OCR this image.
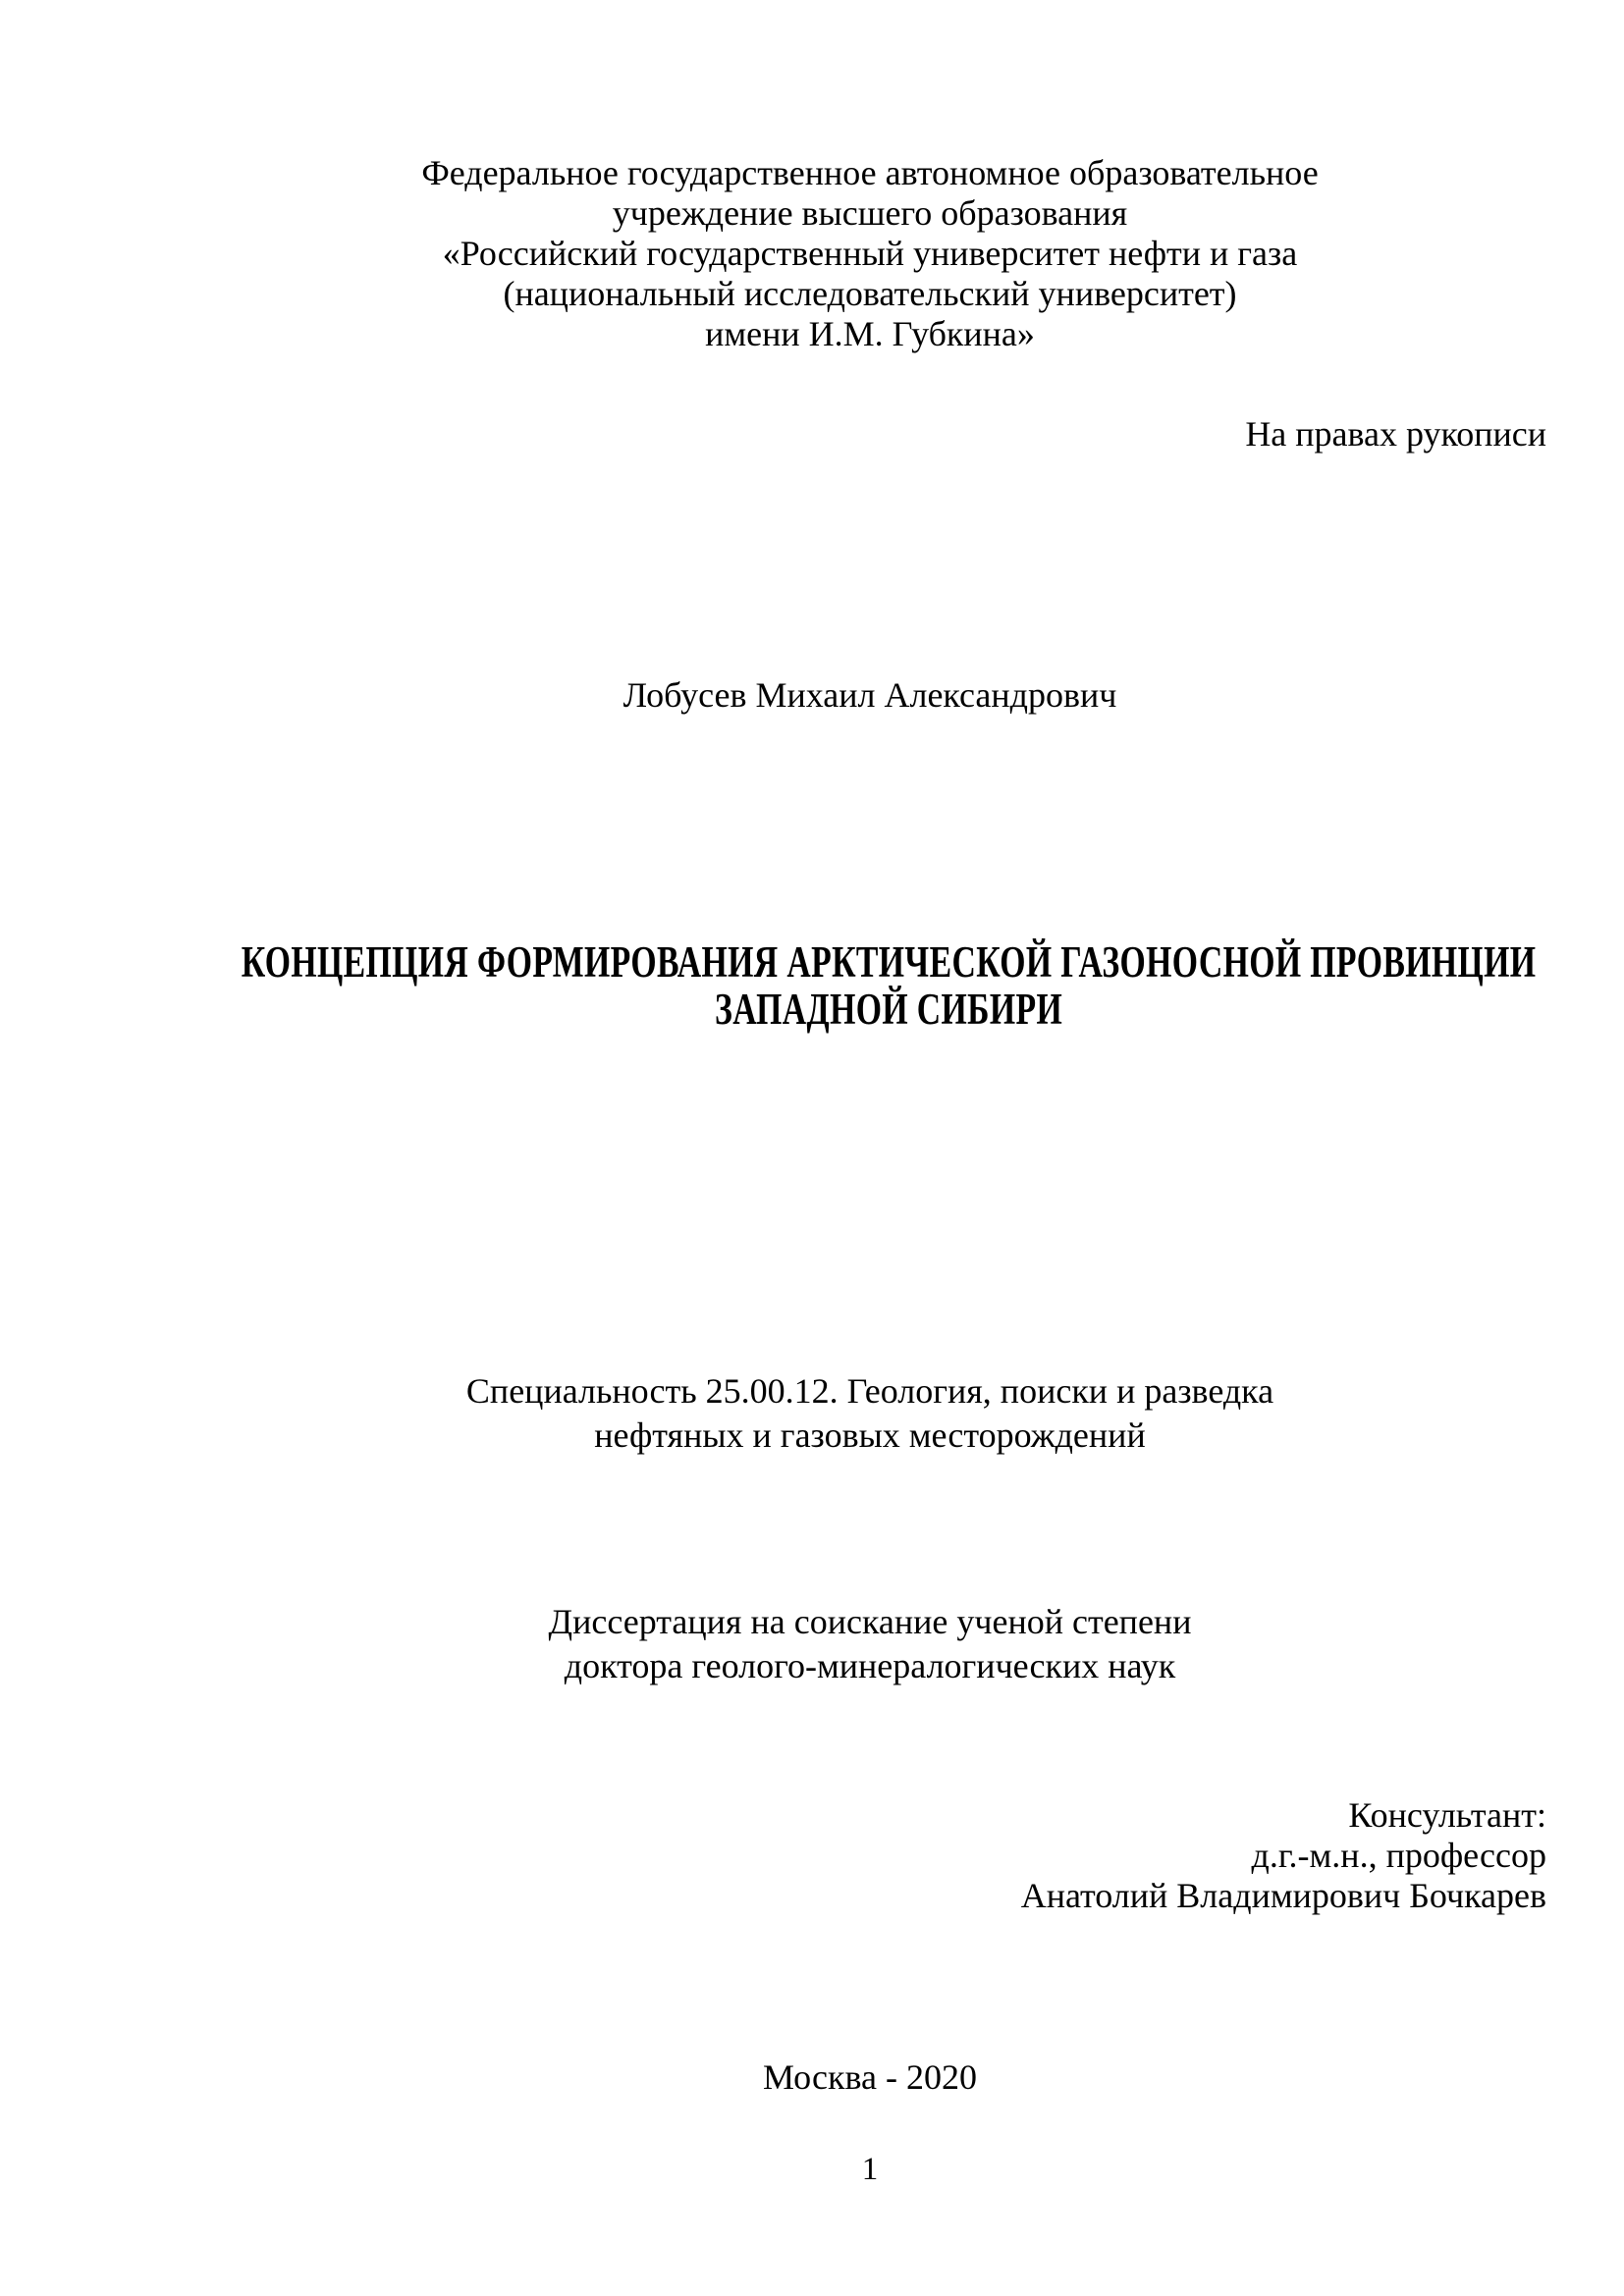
Федеральное государственное автономное образовательное
учреждение высшего образования
«Российский государственный университет нефти и газа
(национальный исследовательский университет)
имени И.М. Губкина»
На правах рукописи
Лобусев Михаил Александрович
КОНЦЕПЦИЯ ФОРМИРОВАНИЯ АРКТИЧЕСКОЙ ГАЗОНОСНОЙ ПРОВИНЦИИ
ЗАПАДНОЙ СИБИРИ
Специальность 25.00.12. Геология, поиски и разведка
нефтяных и газовых месторождений
Диссертация на соискание ученой степени
доктора геолого-минералогических наук
Консультант:
д.г.-м.н., профессор
Анатолий Владимирович Бочкарев
Москва - 2020
1
